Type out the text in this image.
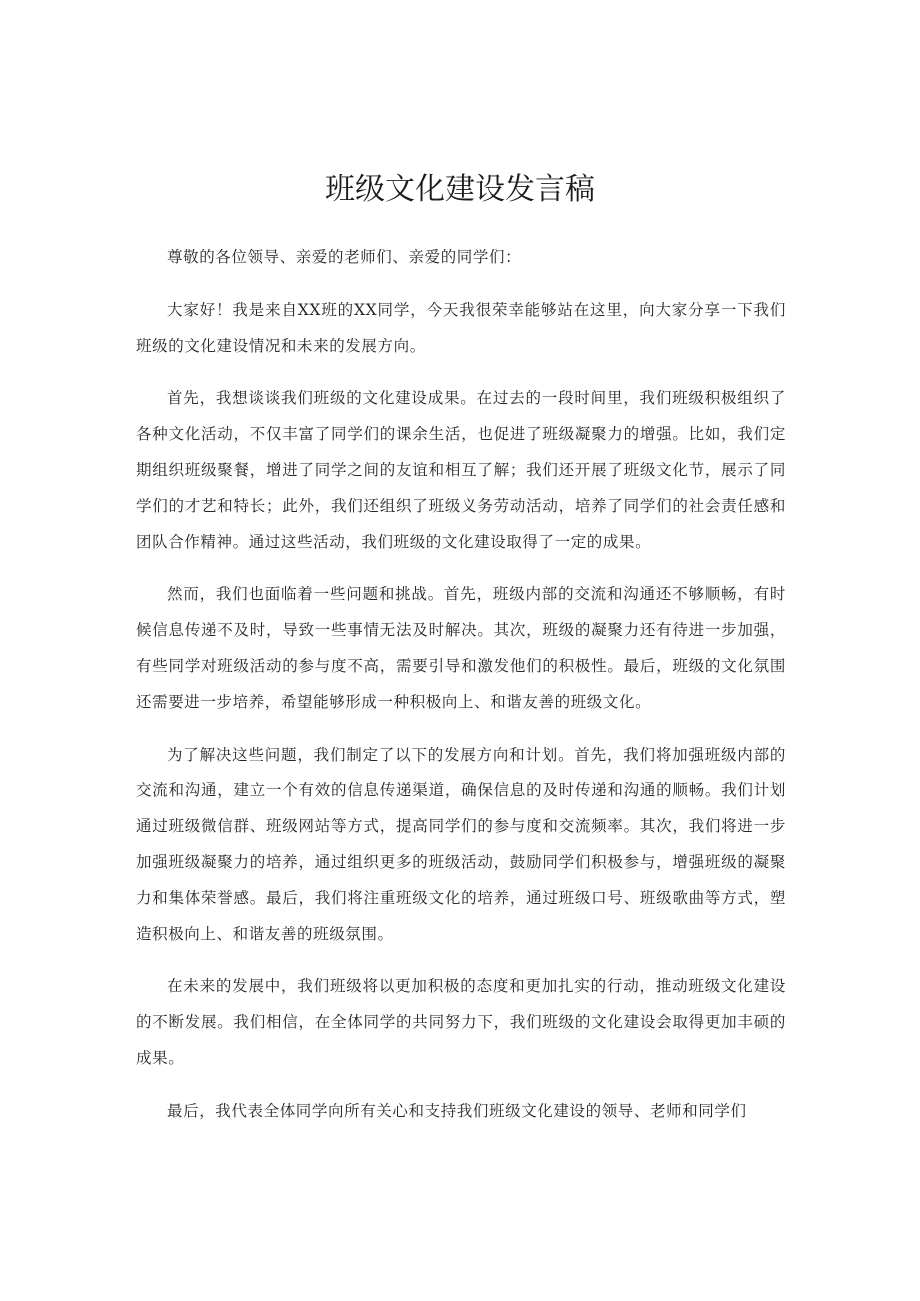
班级文化建设发言稿

尊敬的各位领导、亲爱的老师们、亲爱的同学们：

大家好！我是来自XX班的XX同学，今天我很荣幸能够站在这里，向大家分享一下我们班级的文化建设情况和未来的发展方向。

首先，我想谈谈我们班级的文化建设成果。在过去的一段时间里，我们班级积极组织了各种文化活动，不仅丰富了同学们的课余生活，也促进了班级凝聚力的增强。比如，我们定期组织班级聚餐，增进了同学之间的友谊和相互了解；我们还开展了班级文化节，展示了同学们的才艺和特长；此外，我们还组织了班级义务劳动活动，培养了同学们的社会责任感和团队合作精神。通过这些活动，我们班级的文化建设取得了一定的成果。

然而，我们也面临着一些问题和挑战。首先，班级内部的交流和沟通还不够顺畅，有时候信息传递不及时，导致一些事情无法及时解决。其次，班级的凝聚力还有待进一步加强，有些同学对班级活动的参与度不高，需要引导和激发他们的积极性。最后，班级的文化氛围还需要进一步培养，希望能够形成一种积极向上、和谐友善的班级文化。

为了解决这些问题，我们制定了以下的发展方向和计划。首先，我们将加强班级内部的交流和沟通，建立一个有效的信息传递渠道，确保信息的及时传递和沟通的顺畅。我们计划通过班级微信群、班级网站等方式，提高同学们的参与度和交流频率。其次，我们将进一步加强班级凝聚力的培养，通过组织更多的班级活动，鼓励同学们积极参与，增强班级的凝聚力和集体荣誉感。最后，我们将注重班级文化的培养，通过班级口号、班级歌曲等方式，塑造积极向上、和谐友善的班级氛围。

在未来的发展中，我们班级将以更加积极的态度和更加扎实的行动，推动班级文化建设的不断发展。我们相信，在全体同学的共同努力下，我们班级的文化建设会取得更加丰硕的成果。

最后，我代表全体同学向所有关心和支持我们班级文化建设的领导、老师和同学们
